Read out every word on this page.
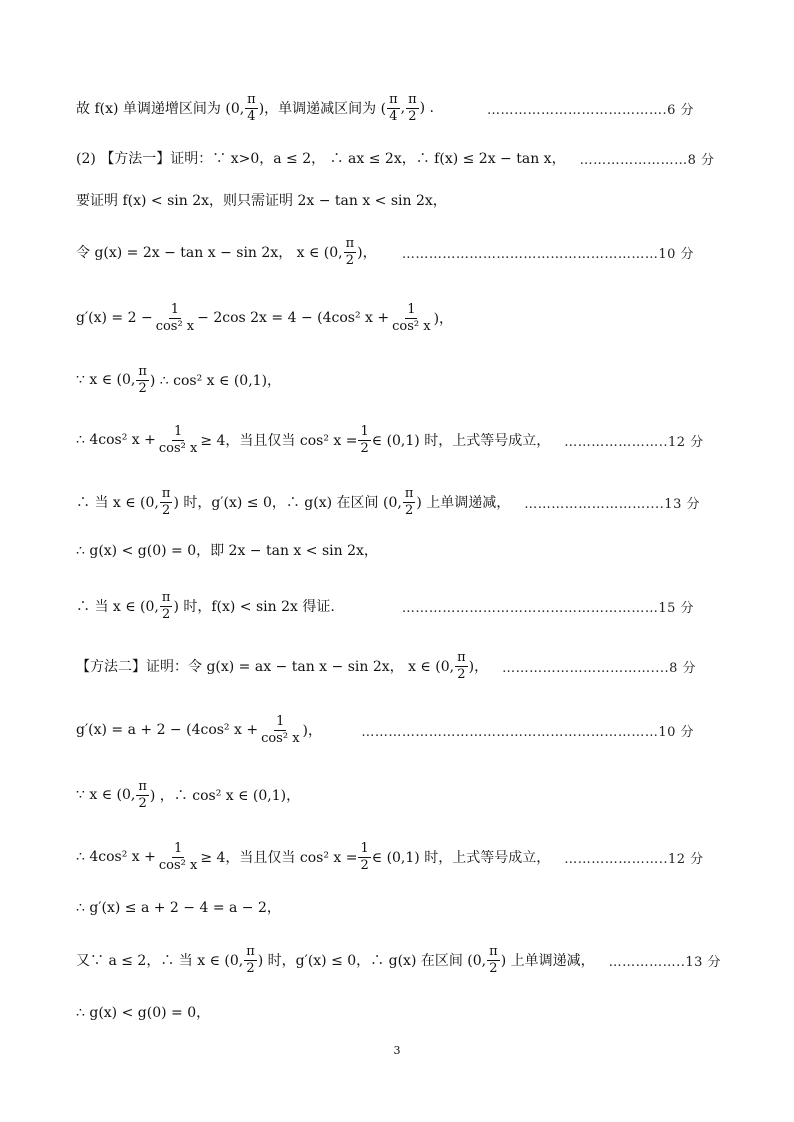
故 f(x) 单调递增区间为 (0, $\frac{\pi}{4}$ )，单调递减区间为 ( $\frac{\pi}{4}$ , $\frac{\pi}{2}$ ) .	………………………………….6 分
(2) 【方法一】证明：∵ x>0，a ≤ 2， ∴ ax ≤ 2x，∴ f(x) ≤ 2x − tan x， ……………………8 分
要证明 f(x) < sin 2x，则只需证明 2x − tan x < sin 2x，
令 g(x) = 2x − tan x − sin 2x， x ∈ (0, $\frac{\pi}{2}$ )，	…………………………………………………10 分
$g'(x) = 2 - \frac{1}{\text{cos² x}} - 2\cos$ 2x = 4 − (4cos² $x + \frac{1}{\text{cos² x}}$ )，
∵ x ∈ (0, $\frac{\pi}{2}$ ) ∴ cos² x ∈ (0,1)，
∴ 4cos² $x + \frac{1}{\text{cos² x}} \ge 4$，当且仅当 cos² $x = \frac{1}{2}$ ∈ (0,1) 时，上式等号成立， …………………..12 分
∴ 当 x ∈ (0, $\frac{\pi}{2}$ ) 时，g′(x) ≤ 0，∴ g(x) 在区间 (0, $\frac{\pi}{2}$ ) 上单调递减， ………………………....13 分
∴ g(x) < g(0) = 0，即 2x − tan x < sin 2x，
∴ 当 x ∈ (0, $\frac{\pi}{2}$ ) 时，f(x) < sin 2x 得证.	…………………………………………………15 分
【方法二】证明：令 g(x) = ax − tan x − sin 2x， x ∈ (0, $\frac{\pi}{2}$ )， ……………………………....8 分
g′(x) = a + 2 − (4cos² $x + \frac{1}{\text{cos² x}}$ )，	…………………………………………………………10 分
∵ x ∈ (0, $\frac{\pi}{2}$ ) ，∴ cos² x ∈ (0,1)，
∴ 4cos² $x + \frac{1}{\text{cos² x}} \ge 4$，当且仅当 cos² $x = \frac{1}{2}$ ∈ (0,1) 时，上式等号成立， …………………..12 分
∴ g′(x) ≤ a + 2 − 4 = a − 2，
又∵ a ≤ 2，∴ 当 x ∈ (0, $\frac{\pi}{2}$ ) 时，g′(x) ≤ 0，∴ g(x) 在区间 (0, $\frac{\pi}{2}$ ) 上单调递减， ……………..13 分
∴ g(x) < g(0) = 0，
3
